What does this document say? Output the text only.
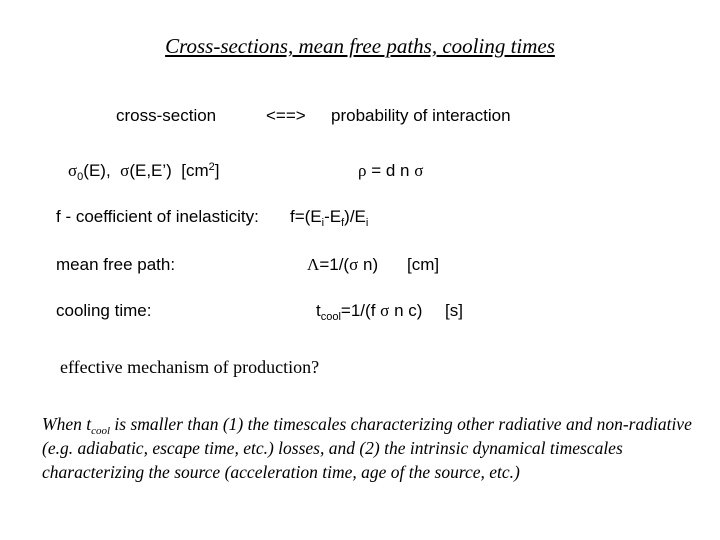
Cross-sections, mean free paths, cooling times
cross-section	<==> probability of interaction
$\sigma_0(E)$, σ(E,E’) $[cm^2]$	ρ = d n σ
f - coefficient of inelasticity: $f=(E_i-E_f)/E_i$
mean free path:	Λ=1/(σ n) [cm]
cooling time:	$t_{cool}=1/(f$ σ n c) [s]
effective mechanism of production?
When $t_{cool}$ is smaller than (1) the timescales characterizing other radiative and non-radiative (e.g. adiabatic, escape time, etc.) losses, and (2) the intrinsic dynamical timescales characterizing the source (acceleration time, age of the source, etc.)
